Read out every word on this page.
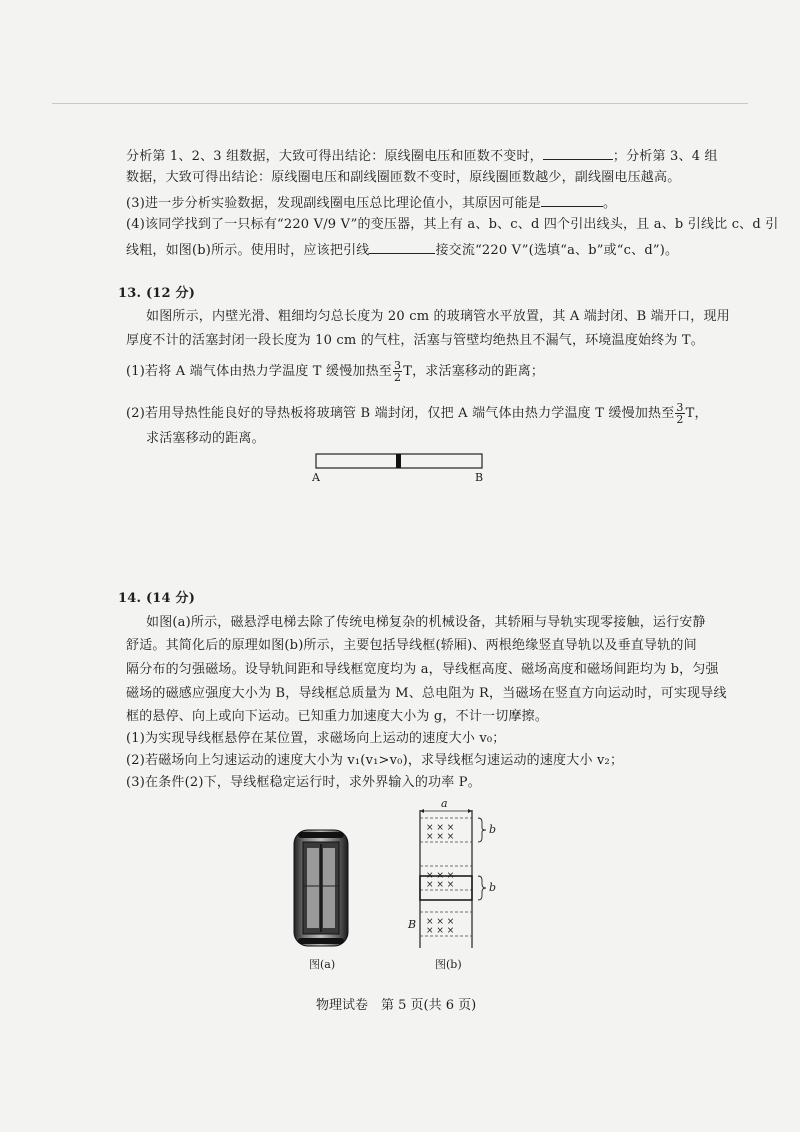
分析第 1、2、3 组数据，大致可得出结论：原线圈电压和匝数不变时，	；分析第 3、4 组
数据，大致可得出结论：原线圈电压和副线圈匝数不变时，原线圈匝数越少，副线圈电压越高。
(3)进一步分析实验数据，发现副线圈电压总比理论值小，其原因可能是	。
(4)该同学找到了一只标有“220 V/9 V”的变压器，其上有 a、b、c、d 四个引出线头，且 a、b 引线比 c、d 引
线粗，如图(b)所示。使用时，应该把引线	接交流“220 V”(选填“a、b”或“c、d”)。
13. (12 分)
如图所示，内壁光滑、粗细均匀总长度为 20 cm 的玻璃管水平放置，其 A 端封闭、B 端开口，现用
厚度不计的活塞封闭一段长度为 10 cm 的气柱，活塞与管壁均绝热且不漏气，环境温度始终为 T。
(1)若将 A 端气体由热力学温度 T 缓慢加热至 $\frac{3}{2}$ T，求活塞移动的距离；
(2)若用导热性能良好的导热板将玻璃管 B 端封闭，仅把 A 端气体由热力学温度 T 缓慢加热至 $\frac{3}{2}$ T，
求活塞移动的距离。
A	B
14. (14 分)
如图(a)所示，磁悬浮电梯去除了传统电梯复杂的机械设备，其轿厢与导轨实现零接触，运行安静
舒适。其简化后的原理如图(b)所示，主要包括导线框(轿厢)、两根绝缘竖直导轨以及垂直导轨的间
隔分布的匀强磁场。设导轨间距和导线框宽度均为 a，导线框高度、磁场高度和磁场间距均为 b，匀强
磁场的磁感应强度大小为 B，导线框总质量为 M、总电阻为 R，当磁场在竖直方向运动时，可实现导线
框的悬停、向上或向下运动。已知重力加速度大小为 g，不计一切摩擦。
(1)为实现导线框悬停在某位置，求磁场向上运动的速度大小 v₀；
(2)若磁场向上匀速运动的速度大小为 v₁(v₁>v₀)，求导线框匀速运动的速度大小 v₂；
(3)在条件(2)下，导线框稳定运行时，求外界输入的功率 P。
图(a)
× × ×
× × ×
× × ×
× × ×
× × ×
× × ×
a
b
b
B
图(b)
物理试卷　第 5 页(共 6 页)
